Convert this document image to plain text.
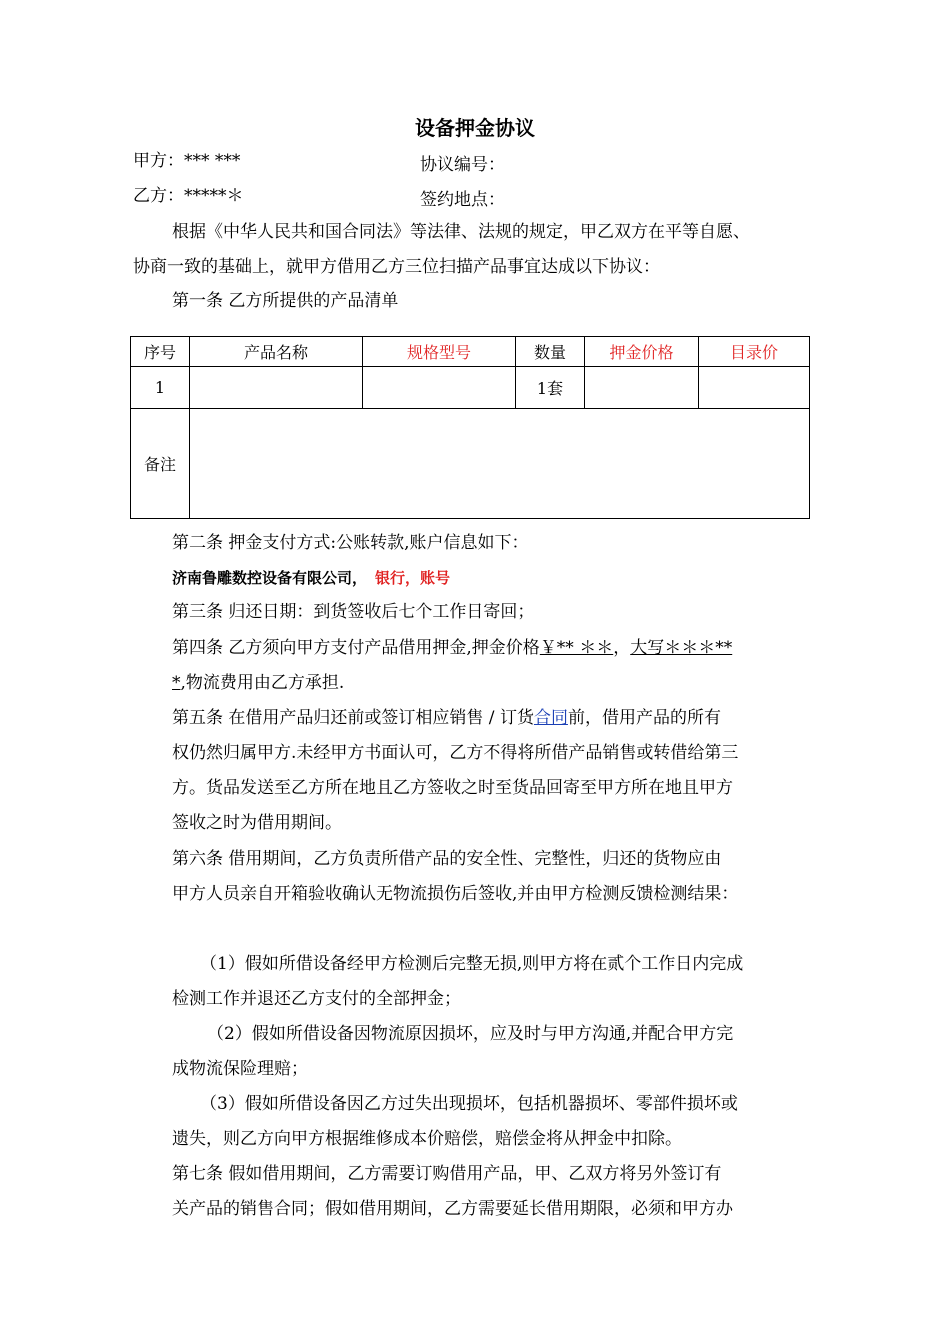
设备押金协议
甲方：*** ***	协议编号：
乙方：*****＊	签约地点：
根据《中华人民共和国合同法》等法律、法规的规定，甲乙双方在平等自愿、
协商一致的基础上，就甲方借用乙方三位扫描产品事宜达成以下协议：
第一条 乙方所提供的产品清单
序号	产品名称	规格型号	数量	押金价格	目录价
1			1套		
备注					
第二条 押金支付方式:公账转款,账户信息如下：
济南鲁雕数控设备有限公司， 银行，账号
第三条 归还日期：到货签收后七个工作日寄回；
第四条 乙方须向甲方支付产品借用押金,押金价格￥** ＊＊，大写＊＊＊**
*,物流费用由乙方承担.
第五条 在借用产品归还前或签订相应销售 / 订货合同前，借用产品的所有
权仍然归属甲方.未经甲方书面认可，乙方不得将所借产品销售或转借给第三
方。货品发送至乙方所在地且乙方签收之时至货品回寄至甲方所在地且甲方
签收之时为借用期间。
第六条 借用期间，乙方负责所借产品的安全性、完整性，归还的货物应由
甲方人员亲自开箱验收确认无物流损伤后签收,并由甲方检测反馈检测结果：
（1）假如所借设备经甲方检测后完整无损,则甲方将在贰个工作日内完成
检测工作并退还乙方支付的全部押金；
（2）假如所借设备因物流原因损坏，应及时与甲方沟通,并配合甲方完
成物流保险理赔；
（3）假如所借设备因乙方过失出现损坏，包括机器损坏、零部件损坏或
遗失，则乙方向甲方根据维修成本价赔偿，赔偿金将从押金中扣除。
第七条 假如借用期间，乙方需要订购借用产品，甲、乙双方将另外签订有
关产品的销售合同；假如借用期间，乙方需要延长借用期限，必须和甲方办
